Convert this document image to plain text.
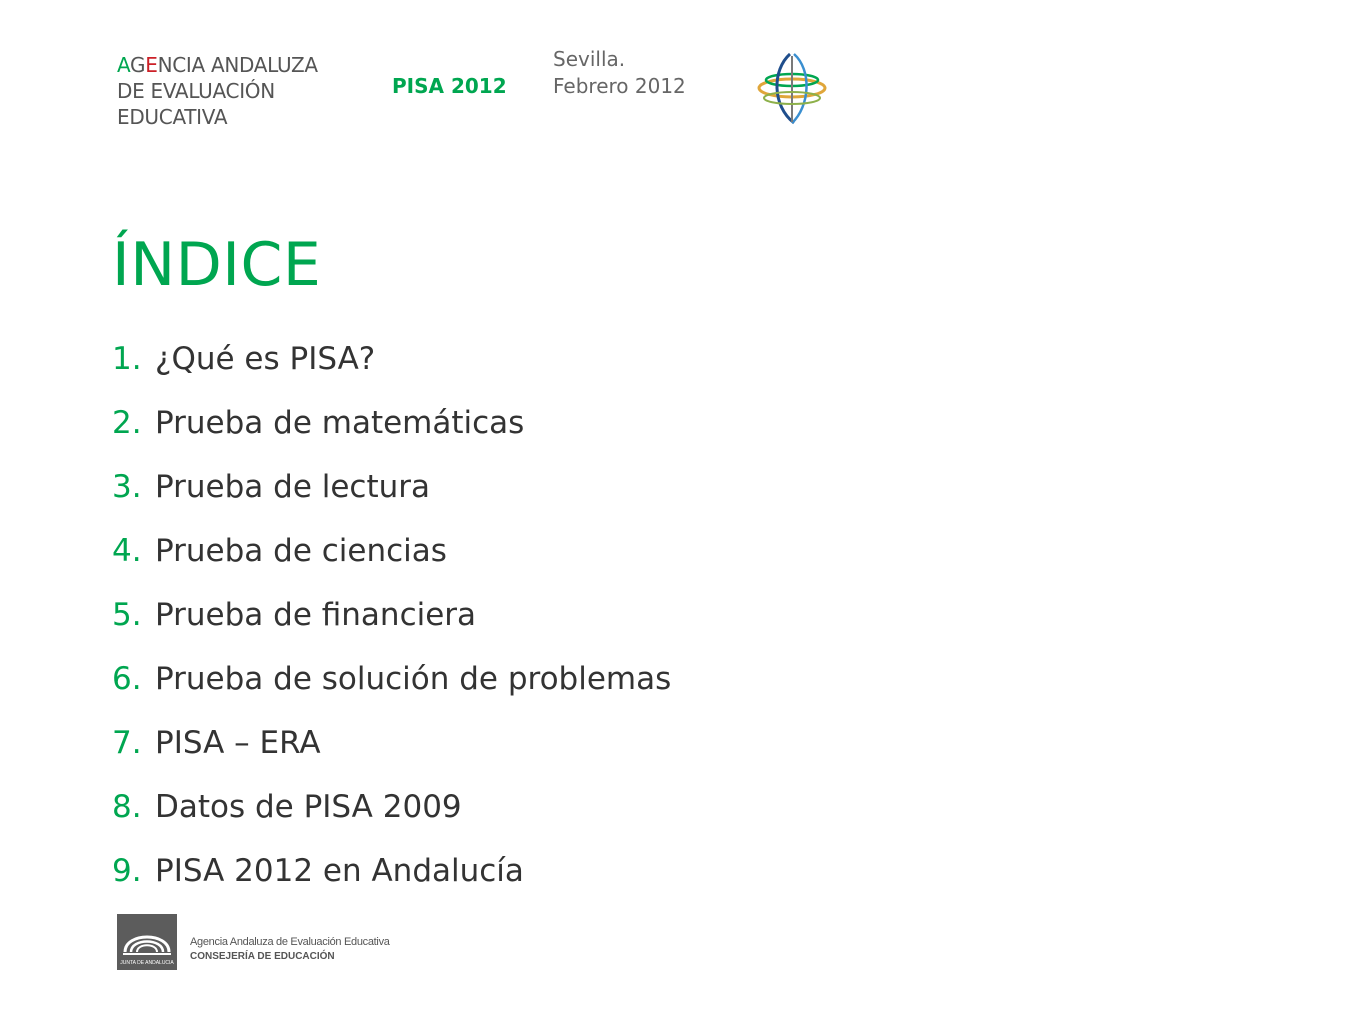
AGENCIA ANDALUZA
DE EVALUACIÓN
EDUCATIVA
PISA 2012
Sevilla.
Febrero 2012
ÍNDICE
1. ¿Qué es PISA?
2. Prueba de matemáticas
3. Prueba de lectura
4. Prueba de ciencias
5. Prueba de financiera
6. Prueba de solución de problemas
7. PISA – ERA
8. Datos de PISA 2009
9. PISA 2012 en Andalucía
JUNTA DE ANDALUCIA
Agencia Andaluza de Evaluación Educativa
CONSEJERÍA DE EDUCACIÓN
